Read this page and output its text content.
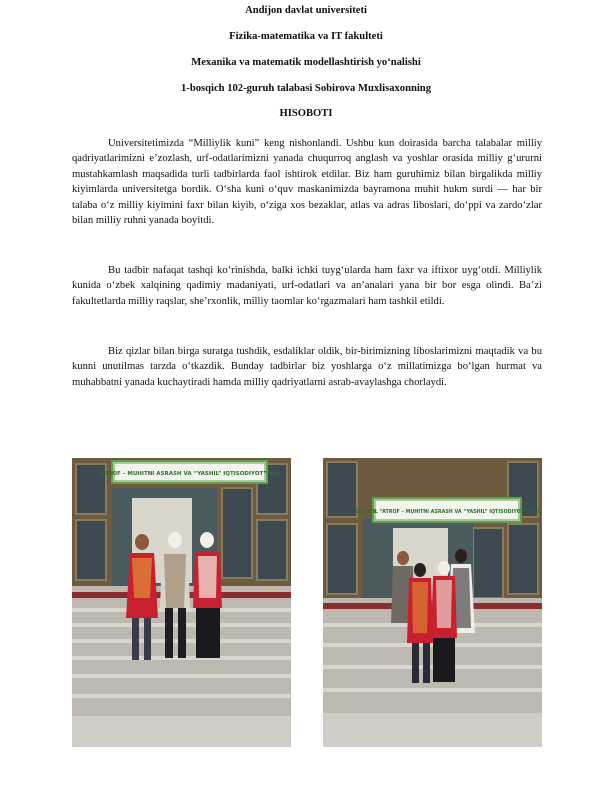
Andijon davlat universiteti
Fizika-matematika va IT fakulteti
Mexanika va matematik modellashtirish yo‘nalishi
1-bosqich 102-guruh talabasi Sobirova Muxlisaxonning
HISOBOTI

Universitetimizda “Milliylik kuni” keng nishonlandi. Ushbu kun doirasida barcha talabalar milliy qadriyatlarimizni e’zozlash, urf-odatlarimizni yanada chuqurroq anglash va yoshlar orasida milliy g‘ururni mustahkamlash maqsadida turli tadbirlarda faol ishtirok etdilar. Biz ham guruhimiz bilan birgalikda milliy kiyimlarda universitetga bordik. O‘sha kuni o‘quv maskanimizda bayramona muhit hukm surdi — har bir talaba o‘z milliy kiyimini faxr bilan kiyib, o‘ziga xos bezaklar, atlas va adras liboslari, do‘ppi va zardo‘zlar bilan milliy ruhni yanada boyitdi.

Bu tadbir nafaqat tashqi ko‘rinishda, balki ichki tuyg‘ularda ham faxr va iftixor uyg‘otdi. Milliylik kunida o‘zbek xalqining qadimiy madaniyati, urf-odatlari va an’analari yana bir bor esga olindi. Ba’zi fakultetlarda milliy raqslar, she’rxonlik, milliy taomlar ko‘rgazmalari ham tashkil etildi.

Biz qizlar bilan birga suratga tushdik, esdaliklar oldik, bir-birimizning liboslarimizni maqtadik va bu kunni unutilmas tarzda o‘tkazdik. Bunday tadbirlar biz yoshlarga o‘z millatimizga bo‘lgan hurmat va muhabbatni yanada kuchaytiradi hamda milliy qadriyatlarni asrab-avaylashga chorlaydi.

“ATROF – MUHITNI ASRASH VA “YASHIL” IQTISODIYOT” YILI
2025-YIL “ATROF – MUHITNI ASRASH VA “YASHIL” IQTISODIYOT” YILI
